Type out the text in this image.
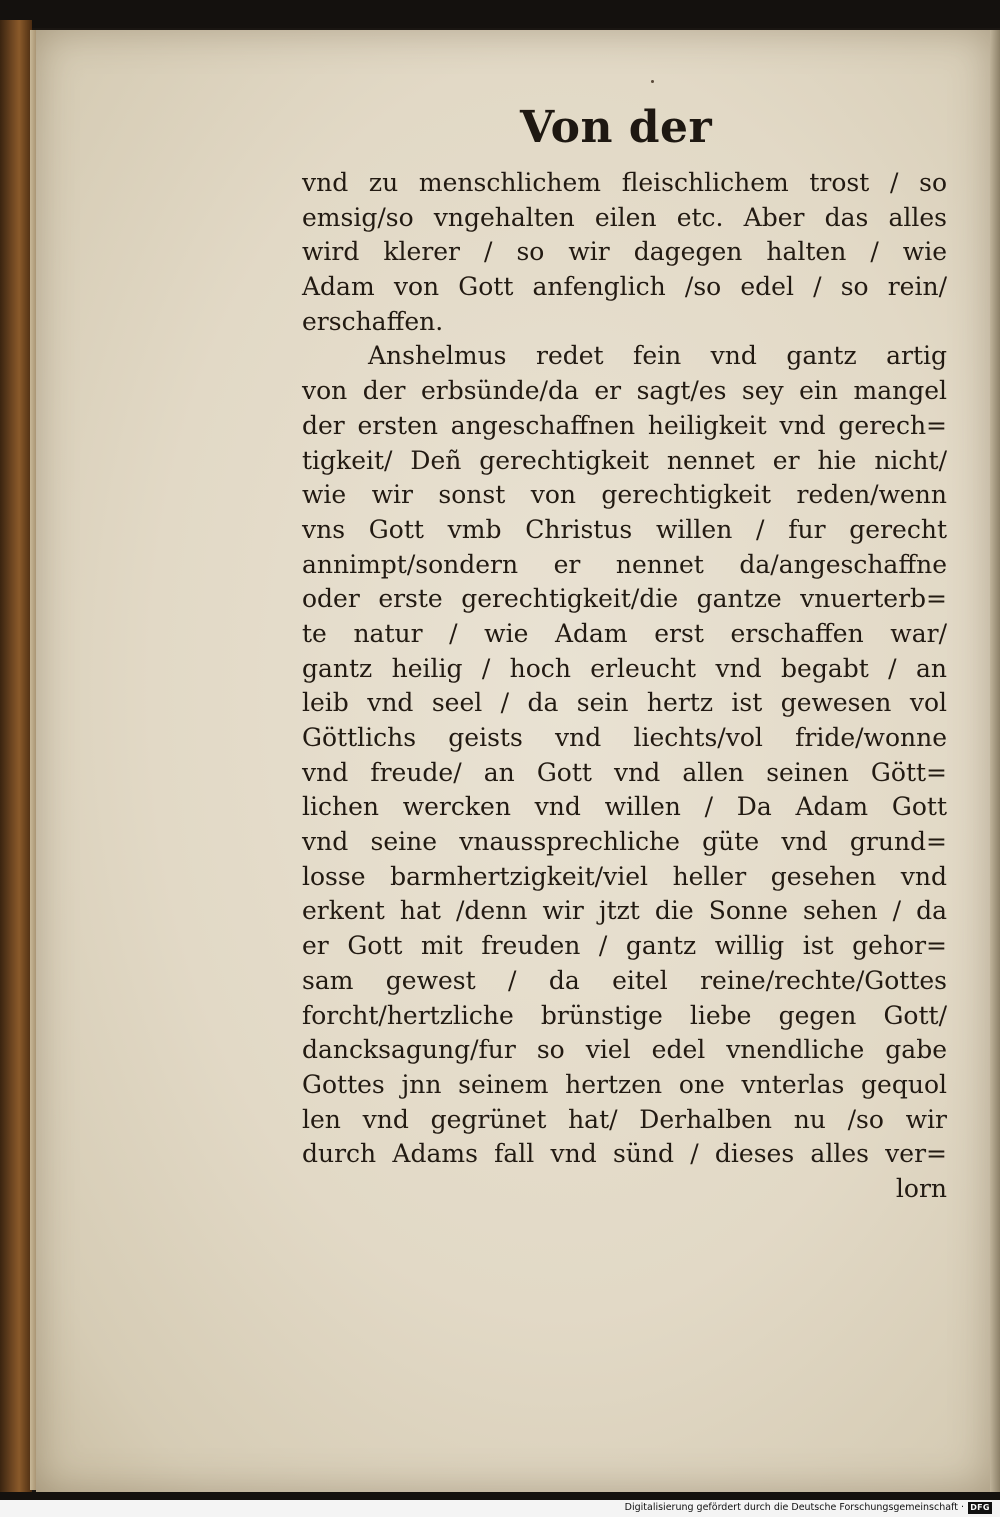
Von der
vnd zu menschlichem fleischlichem trost / so
emsig/so vngehalten eilen etc. Aber das alles
wird klerer / so wir dagegen halten / wie
Adam von Gott anfenglich /so edel / so rein/
erschaffen.
Anshelmus redet fein vnd gantz artig
von der erbsünde/da er sagt/es sey ein mangel
der ersten angeschaffnen heiligkeit vnd gerech=
tigkeit/ Deñ gerechtigkeit nennet er hie nicht/
wie wir sonst von gerechtigkeit reden/wenn
vns Gott vmb Christus willen / fur gerecht
annimpt/sondern er nennet da/angeschaffne
oder erste gerechtigkeit/die gantze vnuerterb=
te natur / wie Adam erst erschaffen war/
gantz heilig / hoch erleucht vnd begabt / an
leib vnd seel / da sein hertz ist gewesen vol
Göttlichs geists vnd liechts/vol fride/wonne
vnd freude/ an Gott vnd allen seinen Gött=
lichen wercken vnd willen / Da Adam Gott
vnd seine vnaussprechliche güte vnd grund=
losse barmhertzigkeit/viel heller gesehen vnd
erkent hat /denn wir jtzt die Sonne sehen / da
er Gott mit freuden / gantz willig ist gehor=
sam gewest / da eitel reine/rechte/Gottes
forcht/hertzliche brünstige liebe gegen Gott/
dancksagung/fur so viel edel vnendliche gabe
Gottes jnn seinem hertzen one vnterlas gequol
len vnd gegrünet hat/ Derhalben nu /so wir
durch Adams fall vnd sünd / dieses alles ver=
lorn
Digitalisierung gefördert durch die Deutsche Forschungsgemeinschaft · DFG
